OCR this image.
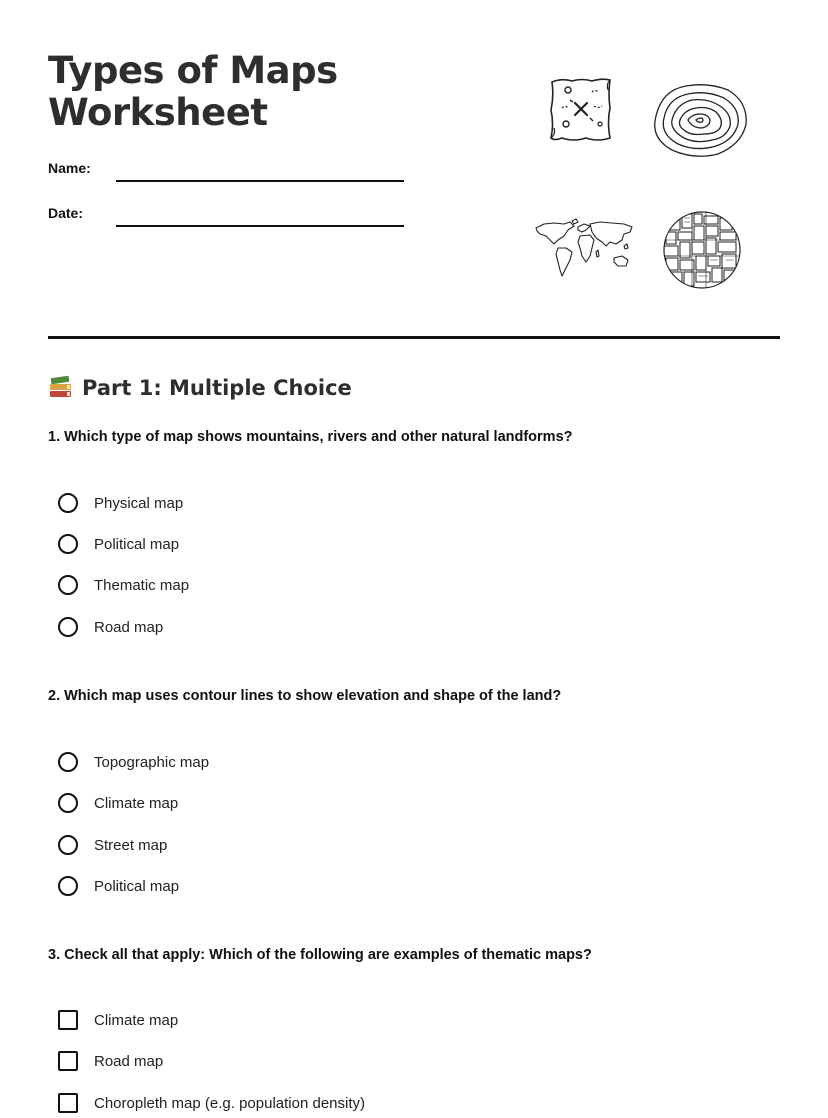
Types of Maps
Worksheet
Name:
Date:
Part 1: Multiple Choice

1. Which type of map shows mountains, rivers and other natural landforms?

Physical map
Political map
Thematic map
Road map

2. Which map uses contour lines to show elevation and shape of the land?

Topographic map
Climate map
Street map
Political map

3. Check all that apply: Which of the following are examples of thematic maps?

Climate map
Road map
Choropleth map (e.g. population density)
